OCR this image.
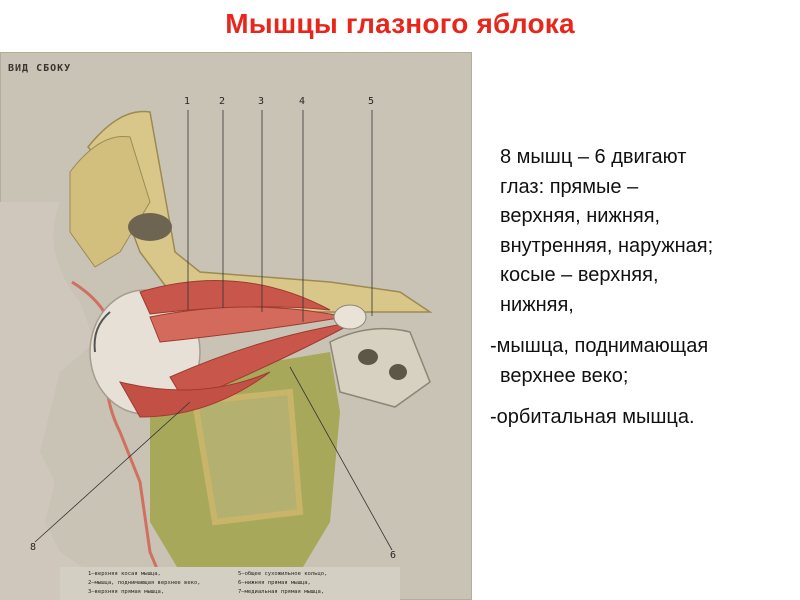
Мышцы глазного яблока
ВИД СБОКУ
1	2	3	4	5
8
6
1—верхняя косая мышца,
2—мышца, поднимающая верхнее веко,
3—верхняя прямая мышца,
5—общее сухожильное кольцо,
6—нижняя прямая мышца,
7—медиальная прямая мышца,
8 мышц – 6 двигают
глаз: прямые –
верхняя, нижняя,
внутренняя, наружная;
косые – верхняя,
нижняя,
-мышца, поднимающая
верхнее веко;
-орбитальная мышца.
